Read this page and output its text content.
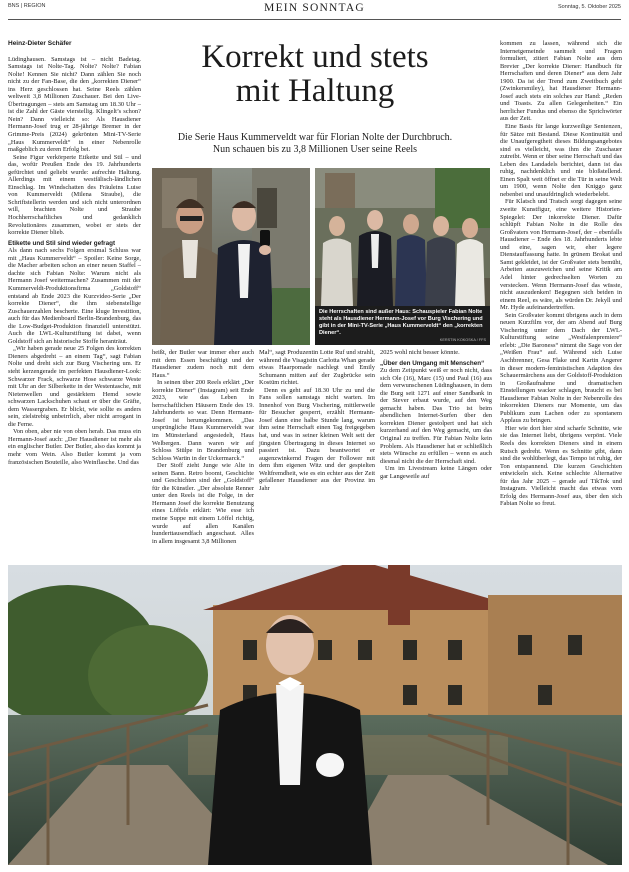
BNS | REGION	MEIN SONNTAG	Sonntag, 5. Oktober 2025
Heinz-Dieter Schäfer

Lüdinghausen. Samstags ist – nicht Badetag. Samstags ist Nolte-Tag. Nolte? Nolte? Fabian Nolte! Kennen Sie nicht? Dann zählen Sie noch nicht zu der Fan-Base, die den „korrekten Diener“ ins Herz geschlossen hat. Seine Reels zählen weltweit 3,8 Millionen Zuschauer. Bei den Live-Übertragungen – stets am Samstag um 18.30 Uhr – ist die Zahl der Gäste vierstellig. Klingelt’s schon? Nein? Dann vielleicht so: Als Hausdiener Hermann-Josef trug er 28-jährige Bremer in der Grimme-Preis (2024) gekrönten Mini-TV-Serie „Haus Kummerveldt“ in einer Nebenrolle maßgeblich zu deren Erfolg bei.

Seine Figur verkörperte Etikette und Stil – und das, wofür Preußen Ende des 19. Jahrhunderts gefürchtet und geliebt wurde: aufrechte Haltung. Allerdings mit einem westfälisch-ländlichen Einschlag. Im Windschatten des Fräuleins Luise von Kummerveldt (Milena Straube), die Schriftstellerin werden und sich nicht unterordnen will, brachten Nolte und Straube Hochherrschaftliches und gedanklich Revolutionäres zusammen, wobei er stets der korrekte Diener blieb.

Etikette und Stil sind wieder gefragt

Als dann nach sechs Folgen erstmal Schluss war mit „Haus Kummerveldt“ – Spoiler: Keine Sorge, die Macher arbeiten schon an einer neuen Staffel – dachte sich Fabian Nolte: Warum nicht als Hermann Josef weitermachen? Zusammen mit der Kummerveldt-Produktionsfirma „Goldstoff“ entstand ab Ende 2023 die Kurzvideo-Serie „Der korrekte Diener“, die ihm siebenstellige Zuschauerzahlen bescherte. Eine kluge Investition, auch für das Medienboard Berlin-Brandenburg, das die Low-Budget-Produktion finanziell unterstützt. Auch die LWL-Kulturstiftung ist dabei, wenn Goldstoff sich an historische Stoffe heranträut.

„Wir haben gerade neue 25 Folgen des korrekten Dieners abgedreht – an einem Tag“, sagt Fabian Nolte und dreht sich zur Burg Vischering um. Er steht kerzengerade im perfekten Hausdiener-Look: Schwarzer Frack, schwarze Hose schwarze Weste mit Uhr an der Silberkette in der Westentasche, mit Nietenwellen und gestärktem Hemd sowie schwarzen Lackschuhen schaut er über die Gräfte, dem Wassergraben. Er blickt, wie sollte es anders sein, zielstrebig unbeirrlich, aber nicht arrogant in die Ferne.

Von oben, aber nie von oben herab. Das muss ein Hermann-Josef auch: „Der Hausdiener ist mehr als ein englischer Butler. Der Butler, also das kommt ja mehr vom Wein. Also Butler kommt ja vom französischen Bouteille, also Weinflasche. Und das

Korrekt und stets
mit Haltung
Die Serie Haus Kummerveldt war für Florian Nolte der Durchbruch.
Nun schauen bis zu 3,8 Millionen User seine Reels
Die Herrschaften sind außer Haus: Schauspieler Fabian Nolte steht als Hausdiener Hermann-Josef vor Burg Vischering und gibt in der Mini-TV-Serie „Haus Kummerveldt“ den „korrekten Diener“.
KERSTIN KOKOSKA / FFS

heißt, der Butler war immer eher auch mit dem Essen beschäftigt und der Hausdiener zudem noch mit dem Haus.“

In seinen über 200 Reels erklärt „Der korrekte Diener“ (Instagram) seit Ende 2023, wie das Leben in herrschaftlichen Häusern Ende des 19. Jahrhunderts so war. Denn Hermann-Josef ist herumgekommen. „Das ursprüngliche Haus Kummerveldt war im Münsterland angesiedelt, Haus Welbergen. Dann waren wir auf Schloss Stülpe in Brandenburg und Schloss Wartin in der Uckermarck.“

Der Stoff zieht Junge wie Alte in seinen Bann. Retro boomt, Geschichte und Geschichten sind der „Goldstoff“ für die Künstler. „Der absolute Renner unter den Reels ist die Folge, in der Hermann Josef die korrekte Benutzung eines Löffels erklärt: Wie esse ich meine Suppe mit einem Löffel richtig, wurde auf allen Kanälen hunderttausendfach angeschaut. Alles in allem insgesamt 3,8 Millionen

Mal“, sagt Produzentin Lotte Ruf und strahlt, während die Visagistin Carlotta Whan gerade etwas Haarpomade nachlegt und Emily Schumann mitten auf der Zugbrücke sein Kostüm richtet.

Denn es geht auf 18.30 Uhr zu und die Fans sollen samstags nicht warten. Im Innenhof von Burg Vischering, mittlerweile für Besucher gesperrt, erzählt Hermann-Josef dann eine halbe Stunde lang, warum ihm seine Herrschaft einen Tag freigegeben hat, und was in seiner kleinen Welt seit der jüngsten Übertragung in dieses Internet so passiert ist. Dazu beantwortet er augenzwinkernd Fragen der Follower mit dem ihm eigenen Witz und der gespielten Weltfremdheit, wie es ein echter aus der Zeit gefallener Hausdiener aus der Provinz im Jahr

2025 wohl nicht besser könnte.

„Über den Umgang mit Menschen“

Zu dem Zeitpunkt weiß er noch nicht, dass sich Ole (16), Marc (15) und Paul (16) aus dem verwunschenen Lüdinghausen, in dem die Burg seit 1271 auf einer Sandbank in der Stever erbaut wurde, auf den Weg gemacht haben. Das Trio ist beim abendlichen Internet-Surfen über den korrekten Diener gestolpert und hat sich kurzerhand auf den Weg gemacht, um das Original zu treffen. Für Fabian Nolte kein Problem. Als Hausdiener hat er schließlich stets Wünsche zu erfüllen – wenn es auch diesmal nicht die der Herrschaft sind.

Um im Livestream keine Längen oder gar Langeweile auf

kommen zu lassen, während sich die Internetgemeinde sammelt und Fragen formuliert, zitiert Fabian Nolte aus dem Brevier „Der korrekte Diener: Handbuch für Herrschaften und deren Diener“ aus dem Jahr 1900. Da ist der Trend zum Zweitbuch geht (Zwinkersmiley), hat Hausdiener Hermann-Josef auch stets ein solches zur Hand: „Reden und Toasts. Zu allen Gelegenheiten.“ Ein herrlicher Fundus und ebenso die Sprichwörter aus der Zeit.

Eine Basis für lange kurzweilige Sentenzen, für Sätze mit Bestand. Diese Kontinuität und die Unaufgeregtheit dieses Bildungsangebotes sind es vielleicht, was ihm die Zuschauer zutreibt. Wenn er über seine Herrschaft und das Leben des Landadels berichtet, dann ist das ruhig, nachdenklich und nie bloßstellend. Einen Spalt weit öffnet er die Tür in seine Welt um 1900, wenn Nolte den Kniggo ganz nebenbei und unaufdringlich wiederbelebt.

Für Klatsch und Tratsch sorgt dagegen seine zweite Kunstfigur, eine weitere Historien-Spiegelei: Der inkorrekte Diener. Dafür schlüpft Fabian Nolte in die Rolle des Großvaters von Hermann-Josef, der – ebenfalls Hausdiener – Ende des 18. Jahrhunderts lebte und eine, sagen wir, eher legere Dienstauffassung hatte. In grünem Brokat und Samt gekleidet, ist der Großvater stets bemüht, Arbeiten auszuweichen und seine Kritik am Adel hinter gedrechselten Worten zu verstecken. Wenn Hermann-Josef das wüsste, nicht auszudenken! Begegnen sich beiden in einem Reel, es wäre, als würden Dr. Jekyll und Mr. Hyde aufeinandertreffen.

Sein Großvater kommt übrigens auch in dem neuen Kurzfilm vor, der am Abend auf Burg Vischering unter dem Dach der LWL-Kulturstiftung seine „Westfalenpremiere“ erlebt: „Die Baroness“ nimmt die Sage von der „Weißen Frau“ auf. Während sich Luise Aschbrenner, Gesa Flake und Kartin Angerer in dieser modern-feministischen Adaption des Schauermärchens aus der Goldstoff-Produktion in Großaufnahme und dramatischen Einstellungen wacker schlagen, braucht es bei Hausdiener Fabian Nolte in der Nebenrolle des inkorrekten Dieners nur Momente, um das Publikum zum Lachen oder zu spontanem Applaus zu bringen.

Hier wie dort hier sind scharfe Schnitte, wie sie das Internet liebt, übrigens verpönt. Viele Reels des korrekten Dieners sind in einem Rutsch gedreht. Wenn es Schnitte gibt, dann sind die wohlüberlegt, das Tempo ist ruhig, der Ton entspannend. Die kurzen Geschichten entwickeln sich. Keine schlechte Alternative für das Jahr 2025 – gerade auf TikTok und Instagram. Vielleicht macht das etwas vom Erfolg des Hermann-Josef aus, über den sich Fabian Nolte so freut.
